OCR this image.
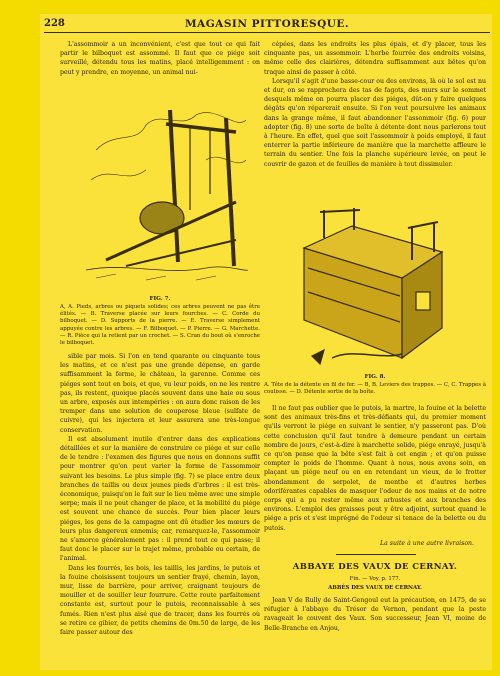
228	MAGASIN PITTORESQUE.

L'assommoir a un inconvénient, c'est que tout ce qui fait partir le bilboquet est assommé. Il faut que ce piége soit surveillé, détendu tous les matins, placé intelligemment : on peut y prendre, en moyenne, un animal nui-

FIG. 7.
A, A. Pieds, arbres ou piquets solides; ces arbres peuvent ne pas être élités. — B. Traverse placée sur leurs fourches. — C. Corde du bilboquet. — D. Supports de la pierre. — E. Traverse simplement appuyée contre les arbres. — F. Bilboquet. — P. Pierre. — G. Marchette. — R. Pièce qui la retient par un crochet. — S. Cran du bout où s'enroche le bilboquet.

sible par mois. Si l'on en tend quarante ou cinquante tous les matins, et ce n'est pas une grande dépense, en garde suffisamment la ferme, le château, la garenne. Comme ces piéges sont tout en bois, et que, vu leur poids, on ne les rentre pas, ils restent, quoique placés souvent dans une haie ou sous un arbre, exposés aux intempéries : on aura donc raison de les tremper dans une solution de couperose bleue (sulfate de cuivre), qui les injectera et leur assurera une très-longue conservation.

Il est absolument inutile d'entrer dans des explications détaillées et sur la manière de construire ce piége et sur celle de le tendre : l'examen des figures que nous en donnons suffit pour montrer qu'on peut varier la forme de l'assommoir suivant les besoins. Le plus simple (fig. 7) se place entre deux branches de taillis ou deux jeunes pieds d'arbres : il est très-économique, puisqu'on le fait sur le lieu même avec une simple serpe; mais il ne peut changer de place, et la mobilité du piége est souvent une chance de succès. Pour bien placer leurs piéges, les gens de la campagne ont dû étudier les mœurs de leurs plus dangereux ennemis; car, remarquez-le, l'assommoir ne s'amorce généralement pas : il prend tout ce qui passe; il faut donc le placer sur le trajet même, probable ou certain, de l'animal.

Dans les fourrés, les bois, les taillis, les jardins, le putois et la fouine choisissent toujours un sentier frayé, chemin, layon, mur, lisse de barrière, pour arriver, craignant toujours de mouiller et de souiller leur fourrure. Cette route parfaitement constante est, surtout pour le putois, reconnaissable à ses fumés. Rien n'est plus aisé que de tracer, dans les fourrés où se retire ce gibier, de petits chemins de 0m.50 de large, de les faire passer autour des

cépées, dans les endroits les plus épais, et d'y placer, tous les cinquante pas, un assommoir. L'herbe fourrée des endroits voisins, même celle des clairières, détendra suffisamment aux bêtes qu'on traque ainsi de passer à côté.

Lorsqu'il s'agit d'une basse-cour ou des environs, là où le sol est nu et dur, on se rapprochera des tas de fagots, des murs sur le sommet desquels même on pourra placer des piéges, dût-on y faire quelques dégâts qu'on réparerait ensuite. Si l'on veut poursuivre les animaux dans la grange même, il faut abandonner l'assommoir (fig. 6) pour adopter (fig. 8) une sorte de boîte à détente dont nous parlerons tout à l'heure. En effet, quel que soit l'assommoir à poids employé, il faut enterrer la partie inférieure de manière que la marchette affleure le terrain du sentier. Une fois la planche supérieure levée, on peut le couvrir de gazon et de feuilles de manière à tout dissimuler.

FIG. 8.
A. Tête de la détente en fil de fer. — B, B. Leviers des trappes. — C, C. Trappes à coulisse. — D. Détente sortie de la boîte.

Il ne faut pas oublier que le putois, la martre, la fouine et la belette sont des animaux très-fins et très-défiants qui, du premier moment qu'ils verront le piége en suivant le sentier, n'y passeront pas. D'où cette conclusion qu'il faut tendre à demeure pendant un certain nombre de jours, c'est-à-dire à marchette solide, piége enrayé, jusqu'à ce qu'on pense que la bête s'est fait à cet engin ; et qu'on puisse compter le poids de l'homme. Quant à nous, nous avons soin, en plaçant un piége neuf ou en en retendant un vieux, de le frotter abondamment de serpolet, de menthe et d'autres herbes odoriférantes capables de masquer l'odeur de nos mains et de notre corps qui a pu rester même aux arbustes et aux branches des environs. L'emploi des graisses peut y être adjoint, surtout quand le piége a pris et s'est imprégné de l'odeur si tenace de la belette ou du putois.

La suite à une autre livraison.
ABBAYE DES VAUX DE CERNAY.
Fin. — Voy. p. 177.
ABBÉS DES VAUX DE CERNAY.

Jean V de Rully de Saint-Gengoul eut la précaution, en 1475, de se réfugier à l'abbaye du Trésor de Vernon, pendant que la peste ravageait le couvent des Vaux. Son successeur, Jean VI, moine de Belle-Branche en Anjou,
